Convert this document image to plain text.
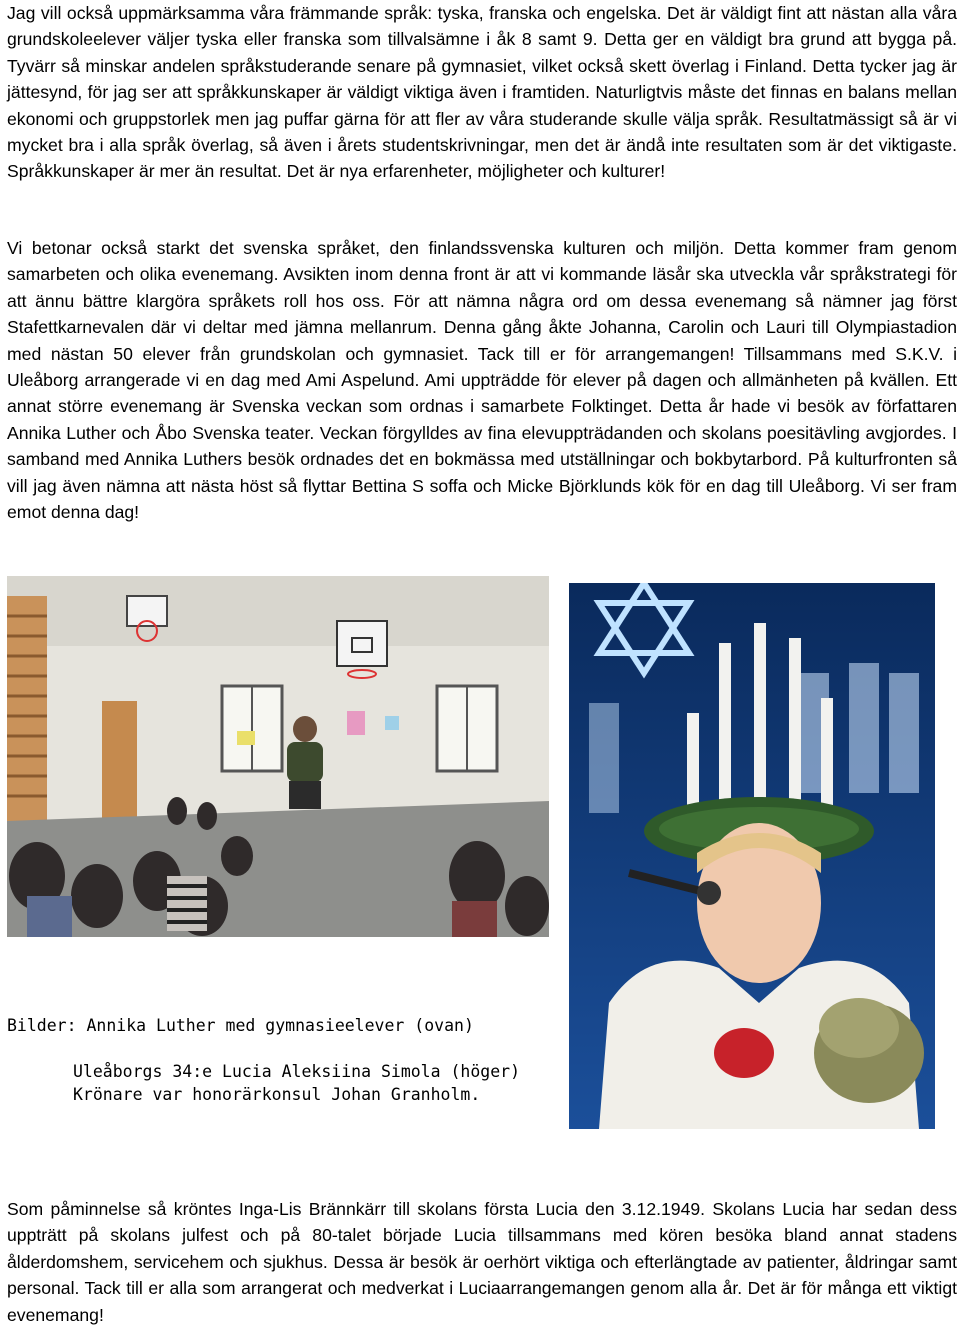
Jag vill också uppmärksamma våra främmande språk: tyska, franska och engelska. Det är väldigt fint att nästan alla våra grundskoleelever väljer tyska eller franska som tillvalsämne i åk 8 samt 9. Detta ger en väldigt bra grund att bygga på. Tyvärr så minskar andelen språkstuderande senare på gymnasiet, vilket också skett överlag i Finland. Detta tycker jag är jättesynd, för jag ser att språkkunskaper är väldigt viktiga även i framtiden. Naturligtvis måste det finnas en balans mellan ekonomi och gruppstorlek men jag puffar gärna för att fler av våra studerande skulle välja språk. Resultatmässigt så är vi mycket bra i alla språk överlag, så även i årets studentskrivningar, men det är ändå inte resultaten som är det viktigaste. Språkkunskaper är mer än resultat. Det är nya erfarenheter, möjligheter och kulturer!

Vi betonar också starkt det svenska språket, den finlandssvenska kulturen och miljön. Detta kommer fram genom samarbeten och olika evenemang. Avsikten inom denna front är att vi kommande läsår ska utveckla vår språkstrategi för att ännu bättre klargöra språkets roll hos oss. För att nämna några ord om dessa evenemang så nämner jag först Stafettkarnevalen där vi deltar med jämna mellanrum. Denna gång åkte Johanna, Carolin och Lauri till Olympiastadion med nästan 50 elever från grundskolan och gymnasiet. Tack till er för arrangemangen! Tillsammans med S.K.V. i Uleåborg arrangerade vi en dag med Ami Aspelund. Ami uppträdde för elever på dagen och allmänheten på kvällen. Ett annat större evenemang är Svenska veckan som ordnas i samarbete Folktinget. Detta år hade vi besök av författaren Annika Luther och Åbo Svenska teater. Veckan förgylldes av fina elevuppträdanden och skolans poesitävling avgjordes. I samband med Annika Luthers besök ordnades det en bokmässa med utställningar och bokbytarbord. På kulturfronten så vill jag även nämna att nästa höst så flyttar Bettina S soffa och Micke Björklunds kök för en dag till Uleåborg. Vi ser fram emot denna dag!

Bilder: Annika Luther med gymnasieelever (ovan)

Uleåborgs 34:e Lucia Aleksiina Simola (höger)

Krönare var honorärkonsul Johan Granholm.

Som påminnelse så kröntes Inga-Lis Brännkärr till skolans första Lucia den 3.12.1949. Skolans Lucia har sedan dess uppträtt på skolans julfest och på 80-talet började Lucia tillsammans med kören besöka bland annat stadens ålderdomshem, servicehem och sjukhus. Dessa är besök är oerhört viktiga och efterlängtade av patienter, åldringar samt personal. Tack till er alla som arrangerat och medverkat i Luciaarrangemangen genom alla år. Det är för många ett viktigt evenemang!
